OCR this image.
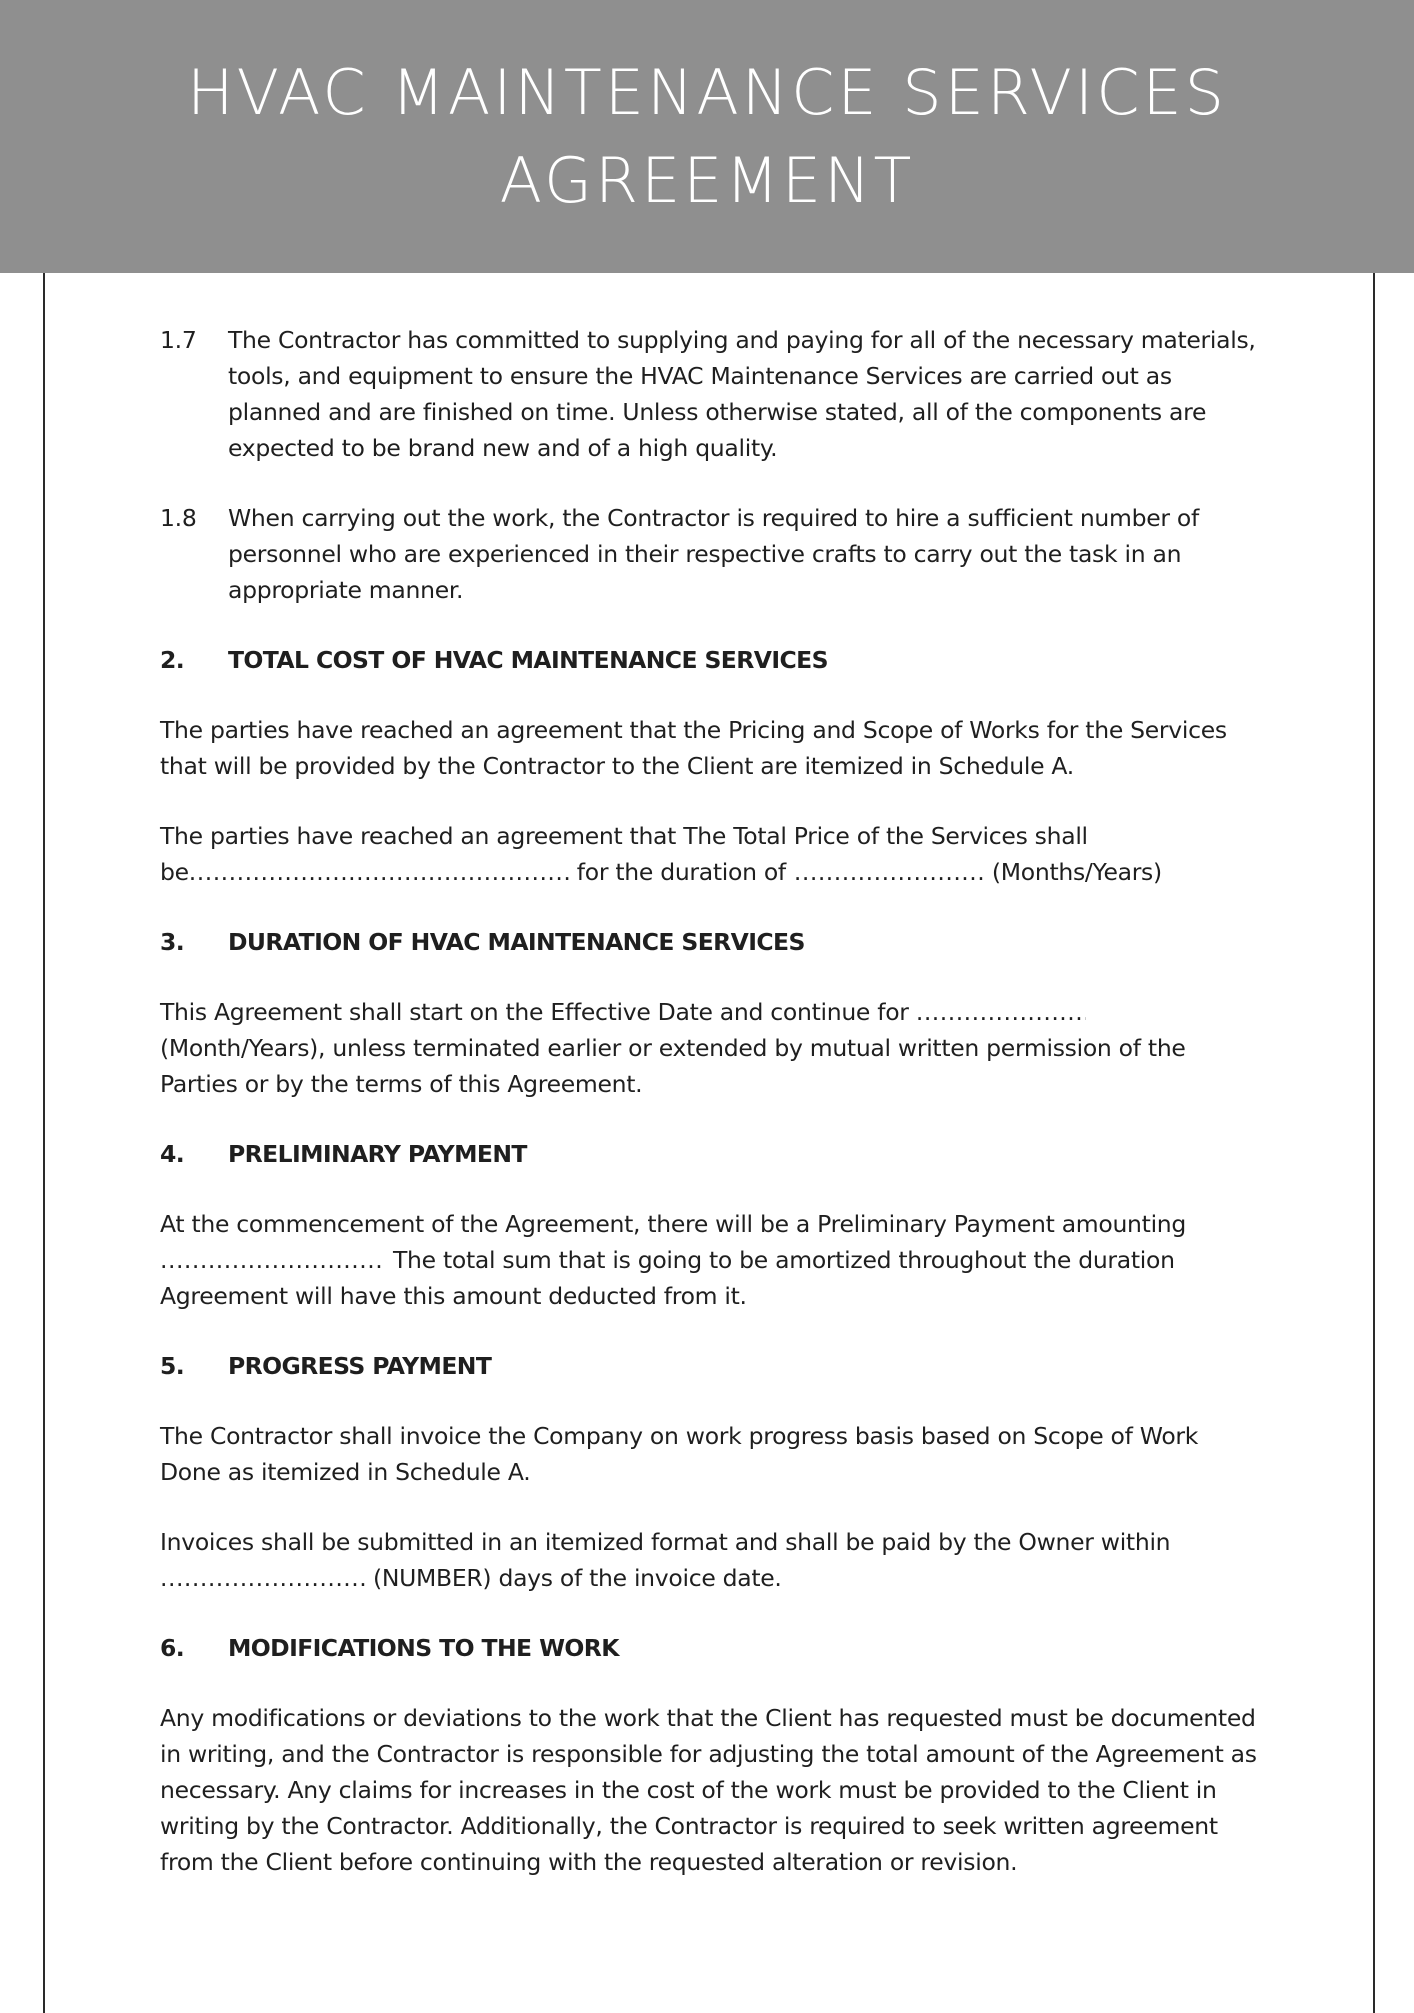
HVAC MAINTENANCE SERVICES
AGREEMENT
1.7	The Contractor has committed to supplying and paying for all of the necessary materials, tools, and equipment to ensure the HVAC Maintenance Services are carried out as planned and are finished on time. Unless otherwise stated, all of the components are expected to be brand new and of a high quality.
1.8	When carrying out the work, the Contractor is required to hire a sufficient number of personnel who are experienced in their respective crafts to carry out the task in an appropriate manner.
2.	TOTAL COST OF HVAC MAINTENANCE SERVICES
The parties have reached an agreement that the Pricing and Scope of Works for the Services that will be provided by the Contractor to the Client are itemized in Schedule A.
The parties have reached an agreement that The Total Price of the Services shall
be .....	for the duration of .....	(Months/Years)
3.	DURATION OF HVAC MAINTENANCE SERVICES
This Agreement shall start on the Effective Date and continue for .....
(Month/Years), unless terminated earlier or extended by mutual written permission of the Parties or by the terms of this Agreement.
4.	PRELIMINARY PAYMENT
At the commencement of the Agreement, there will be a Preliminary Payment amounting
.....
The total sum that is going to be amortized throughout the duration
Agreement will have this amount deducted from it.
5.	PROGRESS PAYMENT
The Contractor shall invoice the Company on work progress basis based on Scope of Work Done as itemized in Schedule A.
Invoices shall be submitted in an itemized format and shall be paid by the Owner within
.....
(NUMBER) days of the invoice date.
6.	MODIFICATIONS TO THE WORK
Any modifications or deviations to the work that the Client has requested must be documented in writing, and the Contractor is responsible for adjusting the total amount of the Agreement as necessary. Any claims for increases in the cost of the work must be provided to the Client in writing by the Contractor. Additionally, the Contractor is required to seek written agreement from the Client before continuing with the requested alteration or revision.
